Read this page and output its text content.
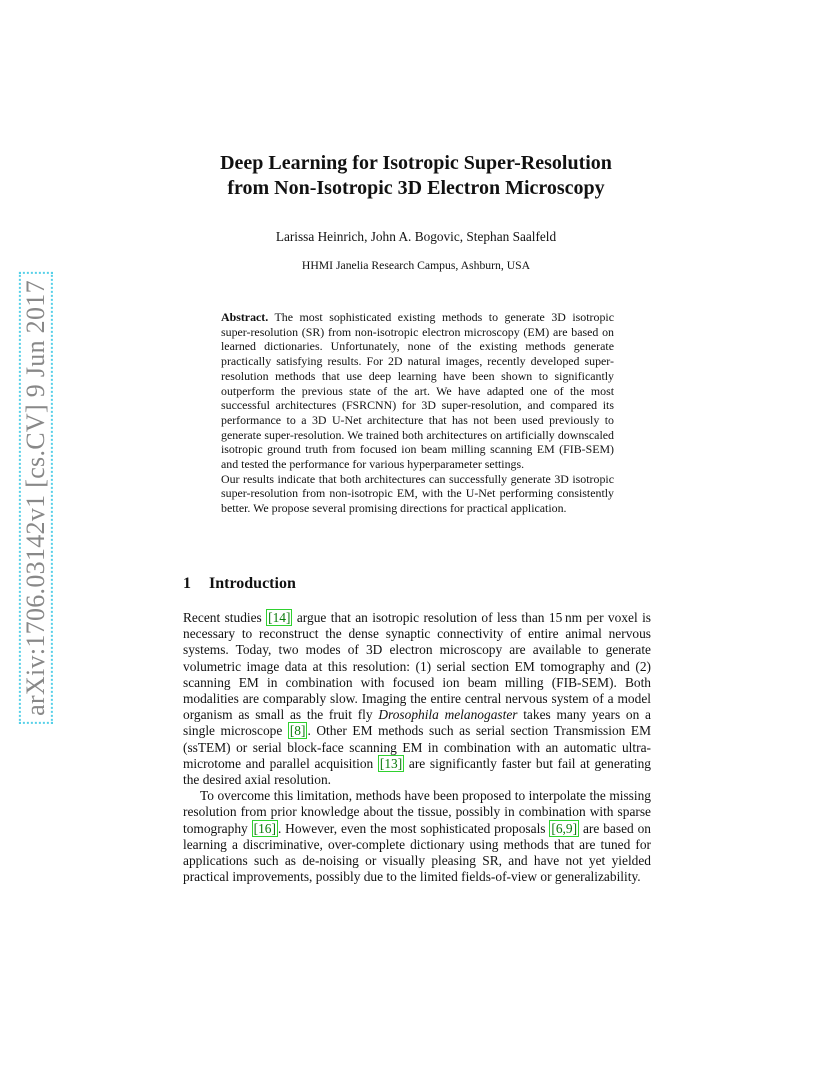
arXiv:1706.03142v1 [cs.CV] 9 Jun 2017
Deep Learning for Isotropic Super-Resolution
from Non-Isotropic 3D Electron Microscopy
Larissa Heinrich, John A. Bogovic, Stephan Saalfeld
HHMI Janelia Research Campus, Ashburn, USA

Abstract. The most sophisticated existing methods to generate 3D isotropic super-resolution (SR) from non-isotropic electron microscopy (EM) are based on learned dictionaries. Unfortunately, none of the existing methods generate practically satisfying results. For 2D natural images, recently developed super-resolution methods that use deep learning have been shown to significantly outperform the previous state of the art. We have adapted one of the most successful architectures (FSRCNN) for 3D super-resolution, and compared its performance to a 3D U-Net architecture that has not been used previously to generate super-resolution. We trained both architectures on artificially downscaled isotropic ground truth from focused ion beam milling scanning EM (FIB-SEM) and tested the performance for various hyperparameter settings.

Our results indicate that both architectures can successfully generate 3D isotropic super-resolution from non-isotropic EM, with the U-Net performing consistently better. We propose several promising directions for practical application.

1 Introduction

Recent studies [14] argue that an isotropic resolution of less than 15 nm per voxel is necessary to reconstruct the dense synaptic connectivity of entire animal nervous systems. Today, two modes of 3D electron microscopy are available to generate volumetric image data at this resolution: (1) serial section EM tomography and (2) scanning EM in combination with focused ion beam milling (FIB-SEM). Both modalities are comparably slow. Imaging the entire central nervous system of a model organism as small as the fruit fly Drosophila melanogaster takes many years on a single microscope [8] . Other EM methods such as serial section Transmission EM (ssTEM) or serial block-face scanning EM in combination with an automatic ultra-microtome and parallel acquisition [13] are significantly faster but fail at generating the desired axial resolution.

To overcome this limitation, methods have been proposed to interpolate the missing resolution from prior knowledge about the tissue, possibly in combination with sparse tomography [16] . However, even the most sophisticated proposals [6,9] are based on learning a discriminative, over-complete dictionary using methods that are tuned for applications such as de-noising or visually pleasing SR, and have not yet yielded practical improvements, possibly due to the limited fields-of-view or generalizability.
